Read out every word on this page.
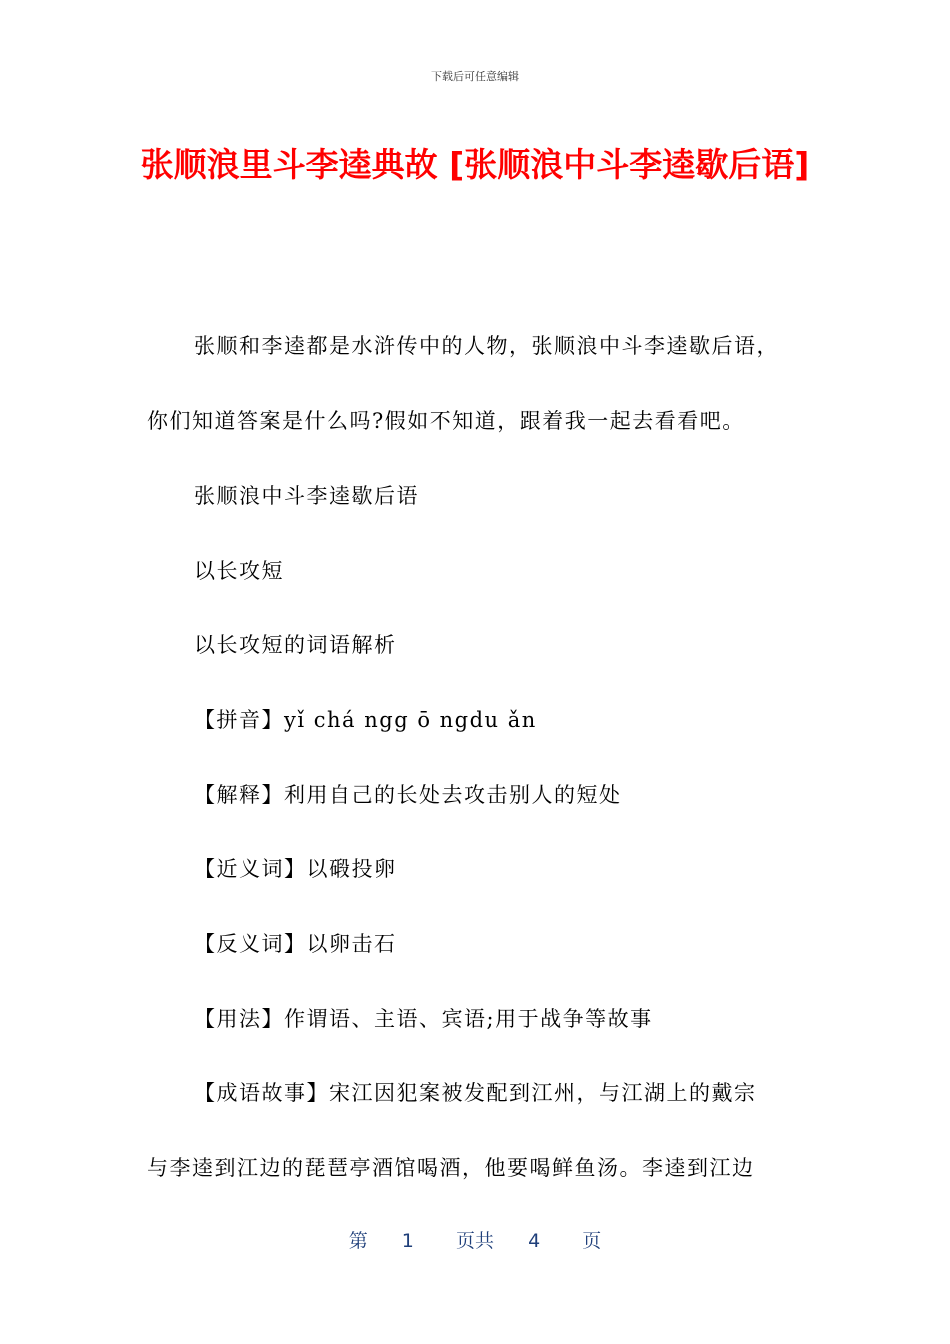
下载后可任意编辑
张顺浪里斗李逵典故 [张顺浪中斗李逵歇后语]
张顺和李逵都是水浒传中的人物，张顺浪中斗李逵歇后语，
你们知道答案是什么吗?假如不知道，跟着我一起去看看吧。
张顺浪中斗李逵歇后语
以长攻短
以长攻短的词语解析
【拼音】yǐ chá ngg ō ngdu ǎn
【解释】利用自己的长处去攻击别人的短处
【近义词】以碫投卵
【反义词】以卵击石
【用法】作谓语、主语、宾语;用于战争等故事
【成语故事】宋江因犯案被发配到江州，与江湖上的戴宗
与李逵到江边的琵琶亭酒馆喝酒，他要喝鲜鱼汤。李逵到江边
第 1 页共 4 页
